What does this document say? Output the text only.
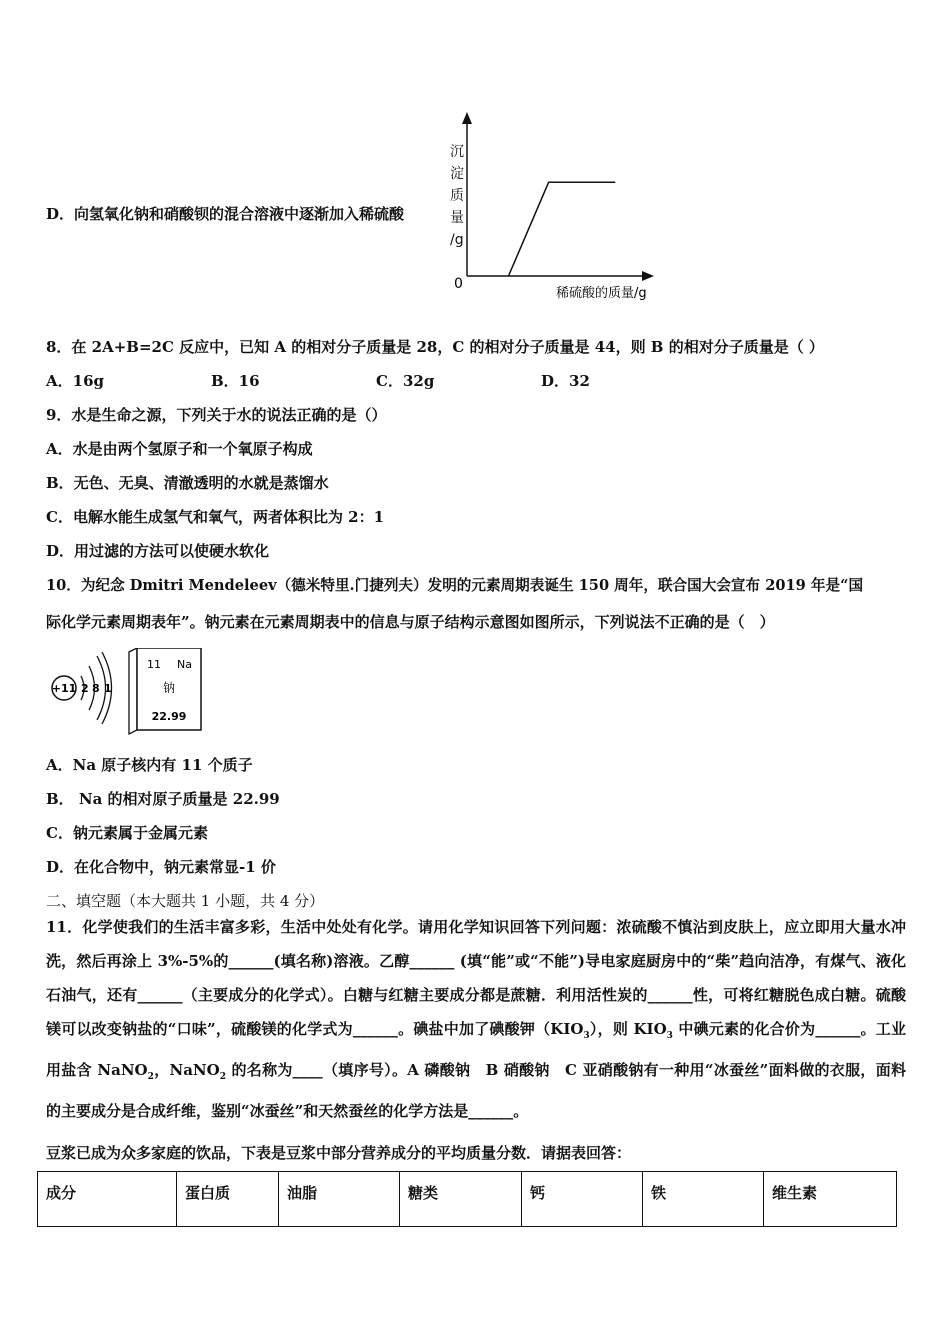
D．向氢氧化钠和硝酸钡的混合溶液中逐渐加入稀硫酸
沉
淀
质
量
/g
0
稀硫酸的质量/g
8．在 2A+B=2C 反应中，已知 A 的相对分子质量是 28，C 的相对分子质量是 44，则 B 的相对分子质量是（ ）
A．16g	B．16	C．32g	D．32
9．水是生命之源，下列关于水的说法正确的是（）
A．水是由两个氢原子和一个氧原子构成
B．无色、无臭、清澈透明的水就是蒸馏水
C．电解水能生成氢气和氧气，两者体积比为 2：1
D．用过滤的方法可以使硬水软化
10．为纪念 Dmitri Mendeleev（德米特里.门捷列夫）发明的元素周期表诞生 150 周年，联合国大会宣布 2019 年是“国
际化学元素周期表年”。钠元素在元素周期表中的信息与原子结构示意图如图所示，下列说法不正确的是（　）
+11 2 8 1
11 Na
钠
22.99
A．Na 原子核内有 11 个质子
B． Na 的相对原子质量是 22.99
C．钠元素属于金属元素
D．在化合物中，钠元素常显-1 价
二、填空题（本大题共 1 小题，共 4 分）
11．化学使我们的生活丰富多彩，生活中处处有化学。请用化学知识回答下列问题：浓硫酸不慎沾到皮肤上，应立即用大量水冲洗，然后再涂上 3%-5%的______(填名称)溶液。乙醇______ (填“能”或“不能”)导电家庭厨房中的“柴”趋向洁净，有煤气、液化石油气，还有______（主要成分的化学式）。白糖与红糖主要成分都是蔗糖．利用活性炭的______性，可将红糖脱色成白糖。硫酸镁可以改变钠盐的“口味”，硫酸镁的化学式为______。碘盐中加了碘酸钾$(KIO_3)$，则 $KIO_3$ 中碘元素的化合价为______。工业用盐含 NaNO$_2$，NaNO$_2$ 的名称为____（填序号）。A 磷酸钠　B 硝酸钠　C 亚硝酸钠有一种用“冰蚕丝”面料做的衣服，面料的主要成分是合成纤维，鉴别“冰蚕丝”和天然蚕丝的化学方法是______。
豆浆已成为众多家庭的饮品，下表是豆浆中部分营养成分的平均质量分数．请据表回答：
成分	蛋白质	油脂	糖类	钙	铁	维生素
